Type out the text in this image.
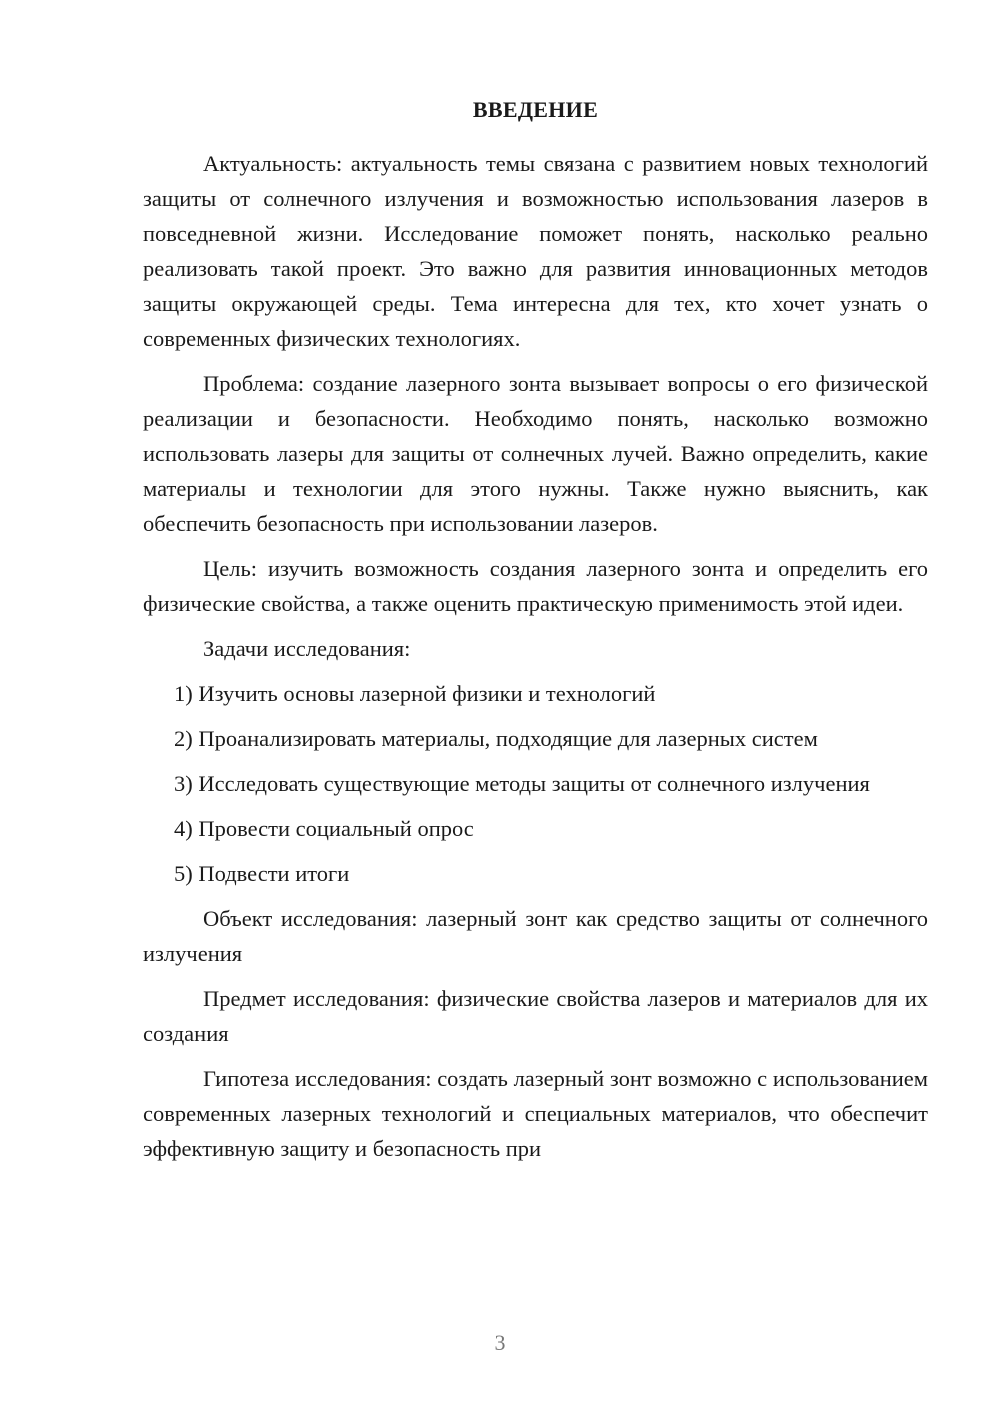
ВВЕДЕНИЕ

Актуальность: актуальность темы связана с развитием новых технологий защиты от солнечного излучения и возможностью использования лазеров в повседневной жизни. Исследование поможет понять, насколько реально реализовать такой проект. Это важно для развития инновационных методов защиты окружающей среды. Тема интересна для тех, кто хочет узнать о современных физических технологиях.

Проблема: создание лазерного зонта вызывает вопросы о его физической реализации и безопасности. Необходимо понять, насколько возможно использовать лазеры для защиты от солнечных лучей. Важно определить, какие материалы и технологии для этого нужны. Также нужно выяснить, как обеспечить безопасность при использовании лазеров.

Цель: изучить возможность создания лазерного зонта и определить его физические свойства, а также оценить практическую применимость этой идеи.

Задачи исследования:

1) Изучить основы лазерной физики и технологий

2) Проанализировать материалы, подходящие для лазерных систем

3) Исследовать существующие методы защиты от солнечного излучения

4) Провести социальный опрос

5) Подвести итоги

Объект исследования: лазерный зонт как средство защиты от солнечного излучения

Предмет исследования: физические свойства лазеров и материалов для их создания

Гипотеза исследования: создать лазерный зонт возможно с использованием современных лазерных технологий и специальных материалов, что обеспечит эффективную защиту и безопасность при

3
